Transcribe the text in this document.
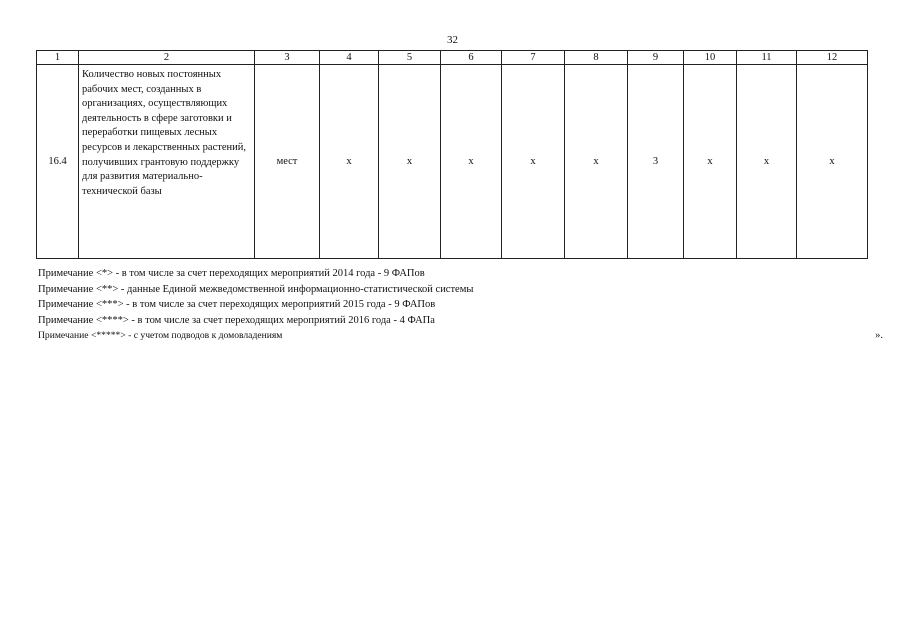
32
1	2	3	4	5	6	7	8	9	10	11	12
16.4	Количество новых постоянных рабочих мест, созданных в организациях, осуществляющих деятельность в сфере заготовки и переработки пищевых лесных ресурсов и лекарственных растений, получивших грантовую поддержку для развития материально-технической базы	мест	x	x	x	x	x	3	x	x	x
Примечание <*> - в том числе за счет переходящих мероприятий 2014 года - 9 ФАПов
Примечание <**> - данные Единой межведомственной информационно-статистической системы
Примечание <***> - в том числе за счет переходящих мероприятий 2015 года - 9 ФАПов
Примечание <****> - в том числе за счет переходящих мероприятий 2016 года - 4 ФАПа
Примечание <*****> - с учетом подводов к домовладениям	».
